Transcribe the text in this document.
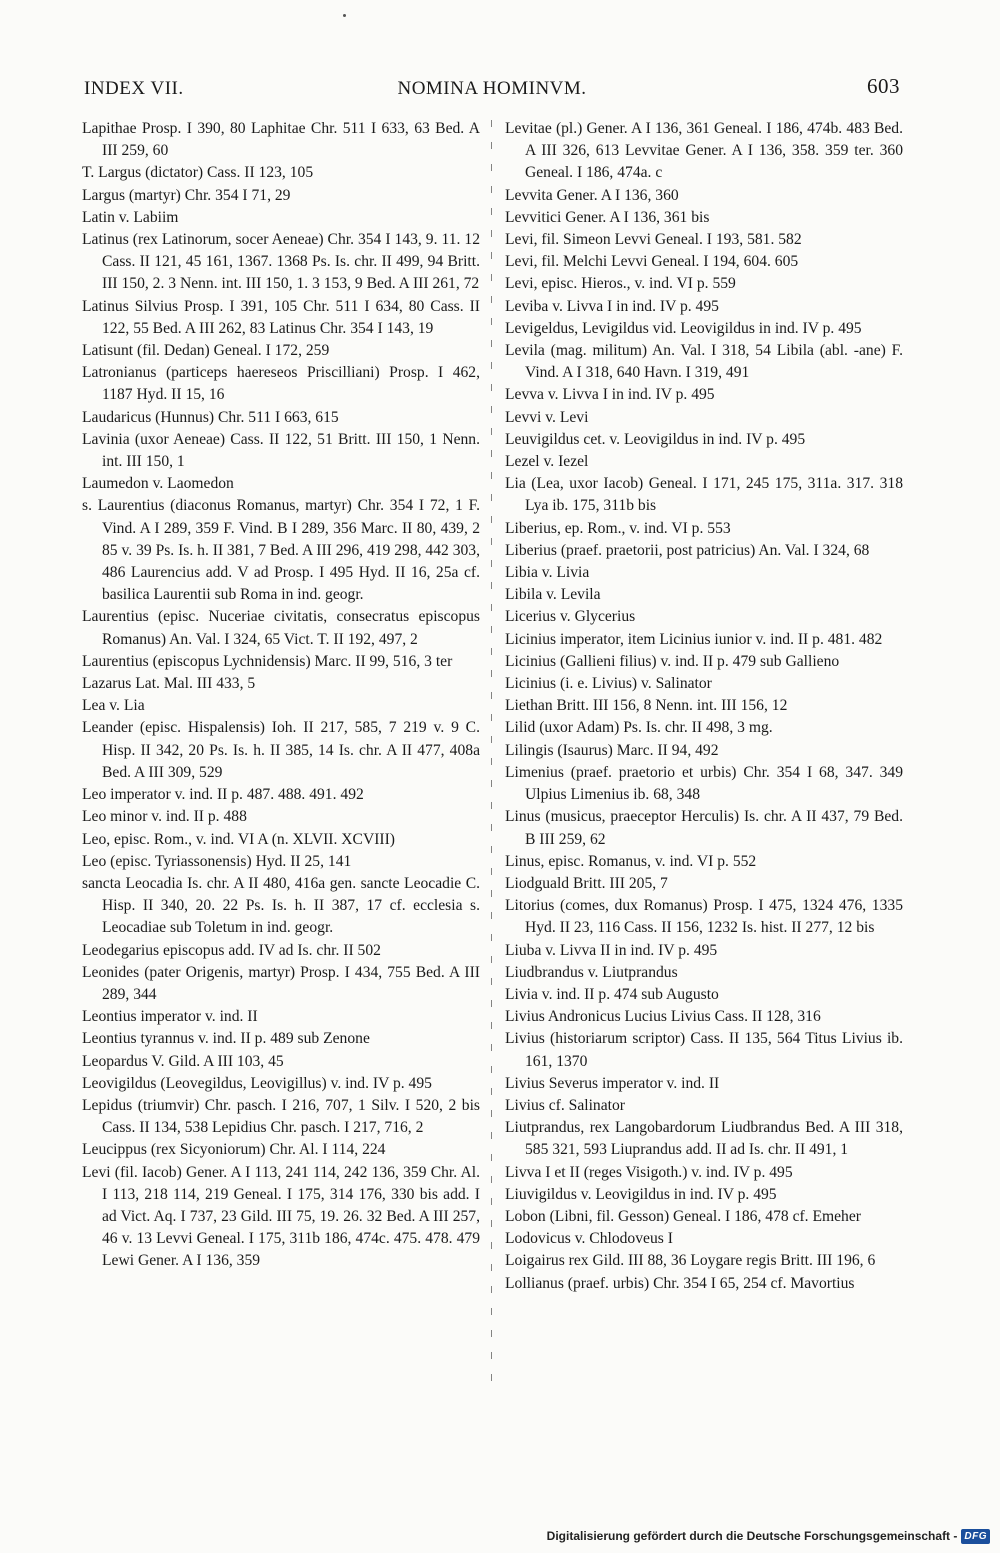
INDEX VII.	NOMINA HOMINVM.	603

Lapithae Prosp. I 390, 80 Laphitae Chr. 511 I 633, 63 Bed. A III 259, 60

T. Largus (dictator) Cass. II 123, 105

Largus (martyr) Chr. 354 I 71, 29

Latin v. Labiim

Latinus (rex Latinorum, socer Aeneae) Chr. 354 I 143, 9. 11. 12 Cass. II 121, 45 161, 1367. 1368 Ps. Is. chr. II 499, 94 Britt. III 150, 2. 3 Nenn. int. III 150, 1. 3 153, 9 Bed. A III 261, 72

Latinus Silvius Prosp. I 391, 105 Chr. 511 I 634, 80 Cass. II 122, 55 Bed. A III 262, 83 Latinus Chr. 354 I 143, 19

Latisunt (fil. Dedan) Geneal. I 172, 259

Latronianus (particeps haereseos Priscilliani) Prosp. I 462, 1187 Hyd. II 15, 16

Laudaricus (Hunnus) Chr. 511 I 663, 615

Lavinia (uxor Aeneae) Cass. II 122, 51 Britt. III 150, 1 Nenn. int. III 150, 1

Laumedon v. Laomedon

s. Laurentius (diaconus Romanus, martyr) Chr. 354 I 72, 1 F. Vind. A I 289, 359 F. Vind. B I 289, 356 Marc. II 80, 439, 2 85 v. 39 Ps. Is. h. II 381, 7 Bed. A III 296, 419 298, 442 303, 486 Laurencius add. V ad Prosp. I 495 Hyd. II 16, 25a cf. basilica Laurentii sub Roma in ind. geogr.

Laurentius (episc. Nuceriae civitatis, consecratus episcopus Romanus) An. Val. I 324, 65 Vict. T. II 192, 497, 2

Laurentius (episcopus Lychnidensis) Marc. II 99, 516, 3 ter

Lazarus Lat. Mal. III 433, 5

Lea v. Lia

Leander (episc. Hispalensis) Ioh. II 217, 585, 7 219 v. 9 C. Hisp. II 342, 20 Ps. Is. h. II 385, 14 Is. chr. A II 477, 408a Bed. A III 309, 529

Leo imperator v. ind. II p. 487. 488. 491. 492

Leo minor v. ind. II p. 488

Leo, episc. Rom., v. ind. VI A (n. XLVII. XCVIII)

Leo (episc. Tyriassonensis) Hyd. II 25, 141

sancta Leocadia Is. chr. A II 480, 416a gen. sancte Leocadie C. Hisp. II 340, 20. 22 Ps. Is. h. II 387, 17 cf. ecclesia s. Leocadiae sub Toletum in ind. geogr.

Leodegarius episcopus add. IV ad Is. chr. II 502

Leonides (pater Origenis, martyr) Prosp. I 434, 755 Bed. A III 289, 344

Leontius imperator v. ind. II

Leontius tyrannus v. ind. II p. 489 sub Zenone

Leopardus V. Gild. A III 103, 45

Leovigildus (Leovegildus, Leovigillus) v. ind. IV p. 495

Lepidus (triumvir) Chr. pasch. I 216, 707, 1 Silv. I 520, 2 bis Cass. II 134, 538 Lepidius Chr. pasch. I 217, 716, 2

Leucippus (rex Sicyoniorum) Chr. Al. I 114, 224

Levi (fil. Iacob) Gener. A I 113, 241 114, 242 136, 359 Chr. Al. I 113, 218 114, 219 Geneal. I 175, 314 176, 330 bis add. I ad Vict. Aq. I 737, 23 Gild. III 75, 19. 26. 32 Bed. A III 257, 46 v. 13 Levvi Geneal. I 175, 311b 186, 474c. 475. 478. 479 Lewi Gener. A I 136, 359

Levitae (pl.) Gener. A I 136, 361 Geneal. I 186, 474b. 483 Bed. A III 326, 613 Levvitae Gener. A I 136, 358. 359 ter. 360 Geneal. I 186, 474a. c

Levvita Gener. A I 136, 360

Levvitici Gener. A I 136, 361 bis

Levi, fil. Simeon Levvi Geneal. I 193, 581. 582

Levi, fil. Melchi Levvi Geneal. I 194, 604. 605

Levi, episc. Hieros., v. ind. VI p. 559

Leviba v. Livva I in ind. IV p. 495

Levigeldus, Levigildus vid. Leovigildus in ind. IV p. 495

Levila (mag. militum) An. Val. I 318, 54 Libila (abl. -ane) F. Vind. A I 318, 640 Havn. I 319, 491

Levva v. Livva I in ind. IV p. 495

Levvi v. Levi

Leuvigildus cet. v. Leovigildus in ind. IV p. 495

Lezel v. Iezel

Lia (Lea, uxor Iacob) Geneal. I 171, 245 175, 311a. 317. 318 Lya ib. 175, 311b bis

Liberius, ep. Rom., v. ind. VI p. 553

Liberius (praef. praetorii, post patricius) An. Val. I 324, 68

Libia v. Livia

Libila v. Levila

Licerius v. Glycerius

Licinius imperator, item Licinius iunior v. ind. II p. 481. 482

Licinius (Gallieni filius) v. ind. II p. 479 sub Gallieno

Licinius (i. e. Livius) v. Salinator

Liethan Britt. III 156, 8 Nenn. int. III 156, 12

Lilid (uxor Adam) Ps. Is. chr. II 498, 3 mg.

Lilingis (Isaurus) Marc. II 94, 492

Limenius (praef. praetorio et urbis) Chr. 354 I 68, 347. 349 Ulpius Limenius ib. 68, 348

Linus (musicus, praeceptor Herculis) Is. chr. A II 437, 79 Bed. B III 259, 62

Linus, episc. Romanus, v. ind. VI p. 552

Liodguald Britt. III 205, 7

Litorius (comes, dux Romanus) Prosp. I 475, 1324 476, 1335 Hyd. II 23, 116 Cass. II 156, 1232 Is. hist. II 277, 12 bis

Liuba v. Livva II in ind. IV p. 495

Liudbrandus v. Liutprandus

Livia v. ind. II p. 474 sub Augusto

Livius Andronicus Lucius Livius Cass. II 128, 316

Livius (historiarum scriptor) Cass. II 135, 564 Titus Livius ib. 161, 1370

Livius Severus imperator v. ind. II

Livius cf. Salinator

Liutprandus, rex Langobardorum Liudbrandus Bed. A III 318, 585 321, 593 Liuprandus add. II ad Is. chr. II 491, 1

Livva I et II (reges Visigoth.) v. ind. IV p. 495

Liuvigildus v. Leovigildus in ind. IV p. 495

Lobon (Libni, fil. Gesson) Geneal. I 186, 478 cf. Emeher

Lodovicus v. Chlodoveus I

Loigairus rex Gild. III 88, 36 Loygare regis Britt. III 196, 6

Lollianus (praef. urbis) Chr. 354 I 65, 254 cf. Mavortius

Digitalisierung gefördert durch die Deutsche Forschungsgemeinschaft - DFG
